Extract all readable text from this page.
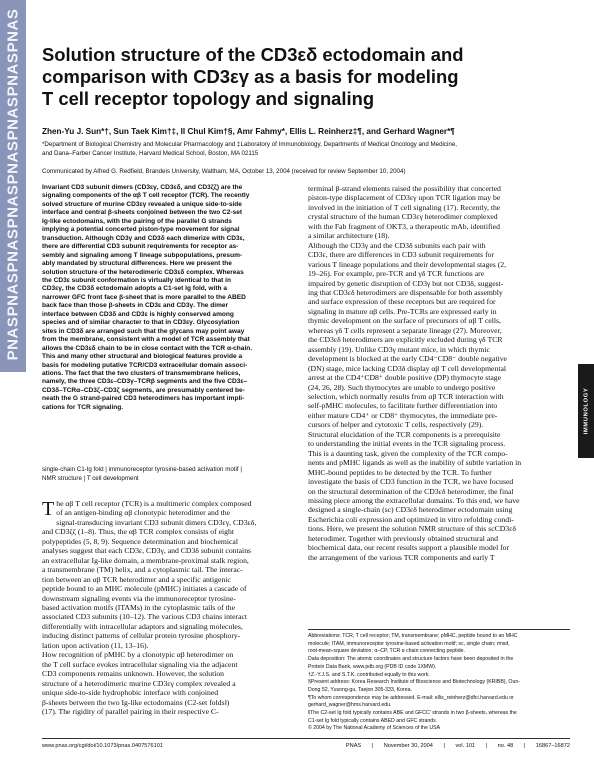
PNAS
PNAS
PNAS
PNAS
PNAS
PNAS
PNAS
PNAS
Solution structure of the CD3εδ ectodomain and
comparison with CD3εγ as a basis for modeling
T cell receptor topology and signaling
Zhen-Yu J. Sun*†, Sun Taek Kim†‡, Il Chul Kim†§, Amr Fahmy*, Ellis L. Reinherz‡¶, and Gerhard Wagner*¶
*Department of Biological Chemistry and Molecular Pharmacology and ‡Laboratory of Immunobiology, Departments of Medical Oncology and Medicine,
and Dana–Farber Cancer Institute, Harvard Medical School, Boston, MA 02115
Communicated by Alfred G. Redfield, Brandeis University, Waltham, MA, October 13, 2004 (received for review September 10, 2004)
Invariant CD3 subunit dimers (CD3εγ, CD3εδ, and CD3ζζ) are the
signaling components of the αβ T cell receptor (TCR). The recently
solved structure of murine CD3εγ revealed a unique side-to-side
interface and central β-sheets conjoined between the two C2-set
Ig-like ectodomains, with the pairing of the parallel G strands
implying a potential concerted piston-type movement for signal
transduction. Although CD3γ and CD3δ each dimerize with CD3ε,
there are differential CD3 subunit requirements for receptor as-
sembly and signaling among T lineage subpopulations, presum-
ably mandated by structural differences. Here we present the
solution structure of the heterodimeric CD3εδ complex. Whereas
the CD3ε subunit conformation is virtually identical to that in
CD3εγ, the CD3δ ectodomain adopts a C1-set Ig fold, with a
narrower GFC front face β-sheet that is more parallel to the ABED
back face than those β-sheets in CD3ε and CD3γ. The dimer
interface between CD3δ and CD3ε is highly conserved among
species and of similar character to that in CD3εγ. Glycosylation
sites in CD3δ are arranged such that the glycans may point away
from the membrane, consistent with a model of TCR assembly that
allows the CD3εδ chain to be in close contact with the TCR α-chain.
This and many other structural and biological features provide a
basis for modeling putative TCR/CD3 extracellular domain associ-
ations. The fact that the two clusters of transmembrane helices,
namely, the three CD3ε–CD3γ–TCRβ segments and the five CD3ε–
CD3δ–TCRα–CD3ζ–CD3ζ segments, are presumably centered be-
neath the G strand-paired CD3 heterodimers has important impli-
cations for TCR signaling.
single-chain C1-Ig fold | immunoreceptor tyrosine-based activation motif |
NMR structure | T cell development
T he αβ T cell receptor (TCR) is a multimeric complex composed
of an antigen-binding αβ clonotypic heterodimer and the
signal-transducing invariant CD3 subunit dimers CD3εγ, CD3εδ,
and CD3ζζ (1–8). Thus, the αβ TCR complex consists of eight
polypeptides (5, 8, 9). Sequence determination and biochemical
analyses suggest that each CD3ε, CD3γ, and CD3δ subunit contains
an extracellular Ig-like domain, a membrane-proximal stalk region,
a transmembrane (TM) helix, and a cytoplasmic tail. The interac-
tion between an αβ TCR heterodimer and a specific antigenic
peptide bound to an MHC molecule (pMHC) initiates a cascade of
downstream signaling events via the immunoreceptor tyrosine-
based activation motifs (ITAMs) in the cytoplasmic tails of the
associated CD3 subunits (10–12). The various CD3 chains interact
differentially with intracellular adaptors and signaling molecules,
inducing distinct patterns of cellular protein tyrosine phosphory-
lation upon activation (11, 13–16).
How recognition of pMHC by a clonotypic αβ heterodimer on
the T cell surface evokes intracellular signaling via the adjacent
CD3 components remains unknown. However, the solution
structure of a heterodimeric murine CD3εγ complex revealed a
unique side-to-side hydrophobic interface with conjoined
β-sheets between the two Ig-like ectodomains (C2-set folds‖)
(17). The rigidity of parallel pairing in their respective C-
terminal β-strand elements raised the possibility that concerted
piston-type displacement of CD3εγ upon TCR ligation may be
involved in the initiation of T cell signaling (17). Recently, the
crystal structure of the human CD3εγ heterodimer complexed
with the Fab fragment of OKT3, a therapeutic mAb, identified
a similar architecture (18).
Although the CD3γ and the CD3δ subunits each pair with
CD3ε, there are differences in CD3 subunit requirements for
various T lineage populations and their developmental stages (2,
19–26). For example, pre-TCR and γδ TCR functions are
impaired by genetic disruption of CD3γ but not CD3δ, suggest-
ing that CD3εδ heterodimers are dispensable for both assembly
and surface expression of these receptors but are required for
signaling in mature αβ cells. Pre-TCRs are expressed early in
thymic development on the surface of precursors of αβ T cells,
whereas γδ T cells represent a separate lineage (27). Moreover,
the CD3εδ heterodimers are explicitly excluded during γδ TCR
assembly (19). Unlike CD3γ mutant mice, in which thymic
development is blocked at the early CD4⁻CD8⁻ double negative
(DN) stage, mice lacking CD3δ display αβ T cell developmental
arrest at the CD4⁺CD8⁺ double positive (DP) thymocyte stage
(24, 26, 28). Such thymocytes are unable to undergo positive
selection, which normally results from αβ TCR interaction with
self-pMHC molecules, to facilitate further differentiation into
either mature CD4⁺ or CD8⁺ thymocytes, the immediate pre-
cursors of helper and cytotoxic T cells, respectively (29).
Structural elucidation of the TCR components is a prerequisite
to understanding the initial events in the TCR signaling process.
This is a daunting task, given the complexity of the TCR compo-
nents and pMHC ligands as well as the inability of subtle variation in
MHC-bound peptides to be detected by the TCR. To further
investigate the basis of CD3 function in the TCR, we have focused
on the structural determination of the CD3εδ heterodimer, the final
missing piece among the extracellular domains. To this end, we have
designed a single-chain (sc) CD3εδ heterodimer ectodomain using
Escherichia coli expression and optimized in vitro refolding condi-
tions. Here, we present the solution NMR structure of this scCD3εδ
heterodimer. Together with previously obtained structural and
biochemical data, our recent results support a plausible model for
the arrangement of the various TCR components and early T
IMMUNOLOGY
Abbreviations: TCR, T cell receptor; TM, transmembrane; pMHC, peptide bound to an MHC
molecule; ITAM, immunoreceptor tyrosine-based activation motif; sc, single chain; rmsd,
root-mean-square deviation; α–CP, TCR α chain connecting peptide.
Data deposition: The atomic coordinates and structure factors have been deposited in the
Protein Data Bank, www.pdb.org (PDB ID code 1XMW).
†Z.-Y.J.S. and S.T.K. contributed equally to this work.
§Present address: Korea Research Institute of Bioscience and Biotechnology (KRIBB), Oun-
Dong 52, Yusong-gu, Taejon 305-333, Korea.
¶To whom correspondence may be addressed. E-mail: ellis_reinherz@dfci.harvard.edu or
gerhard_wagner@hms.harvard.edu.
‖The C2-set Ig fold typically contains ABE and GFCC′ strands in two β-sheets, whereas the
C1-set Ig fold typically contains ABED and GFC strands.
© 2004 by The National Academy of Sciences of the USA
www.pnas.org/cgi/doi/10.1073/pnas.0407576101	PNAS | November 30, 2004 | vol. 101 | no. 48 | 16867–16872
